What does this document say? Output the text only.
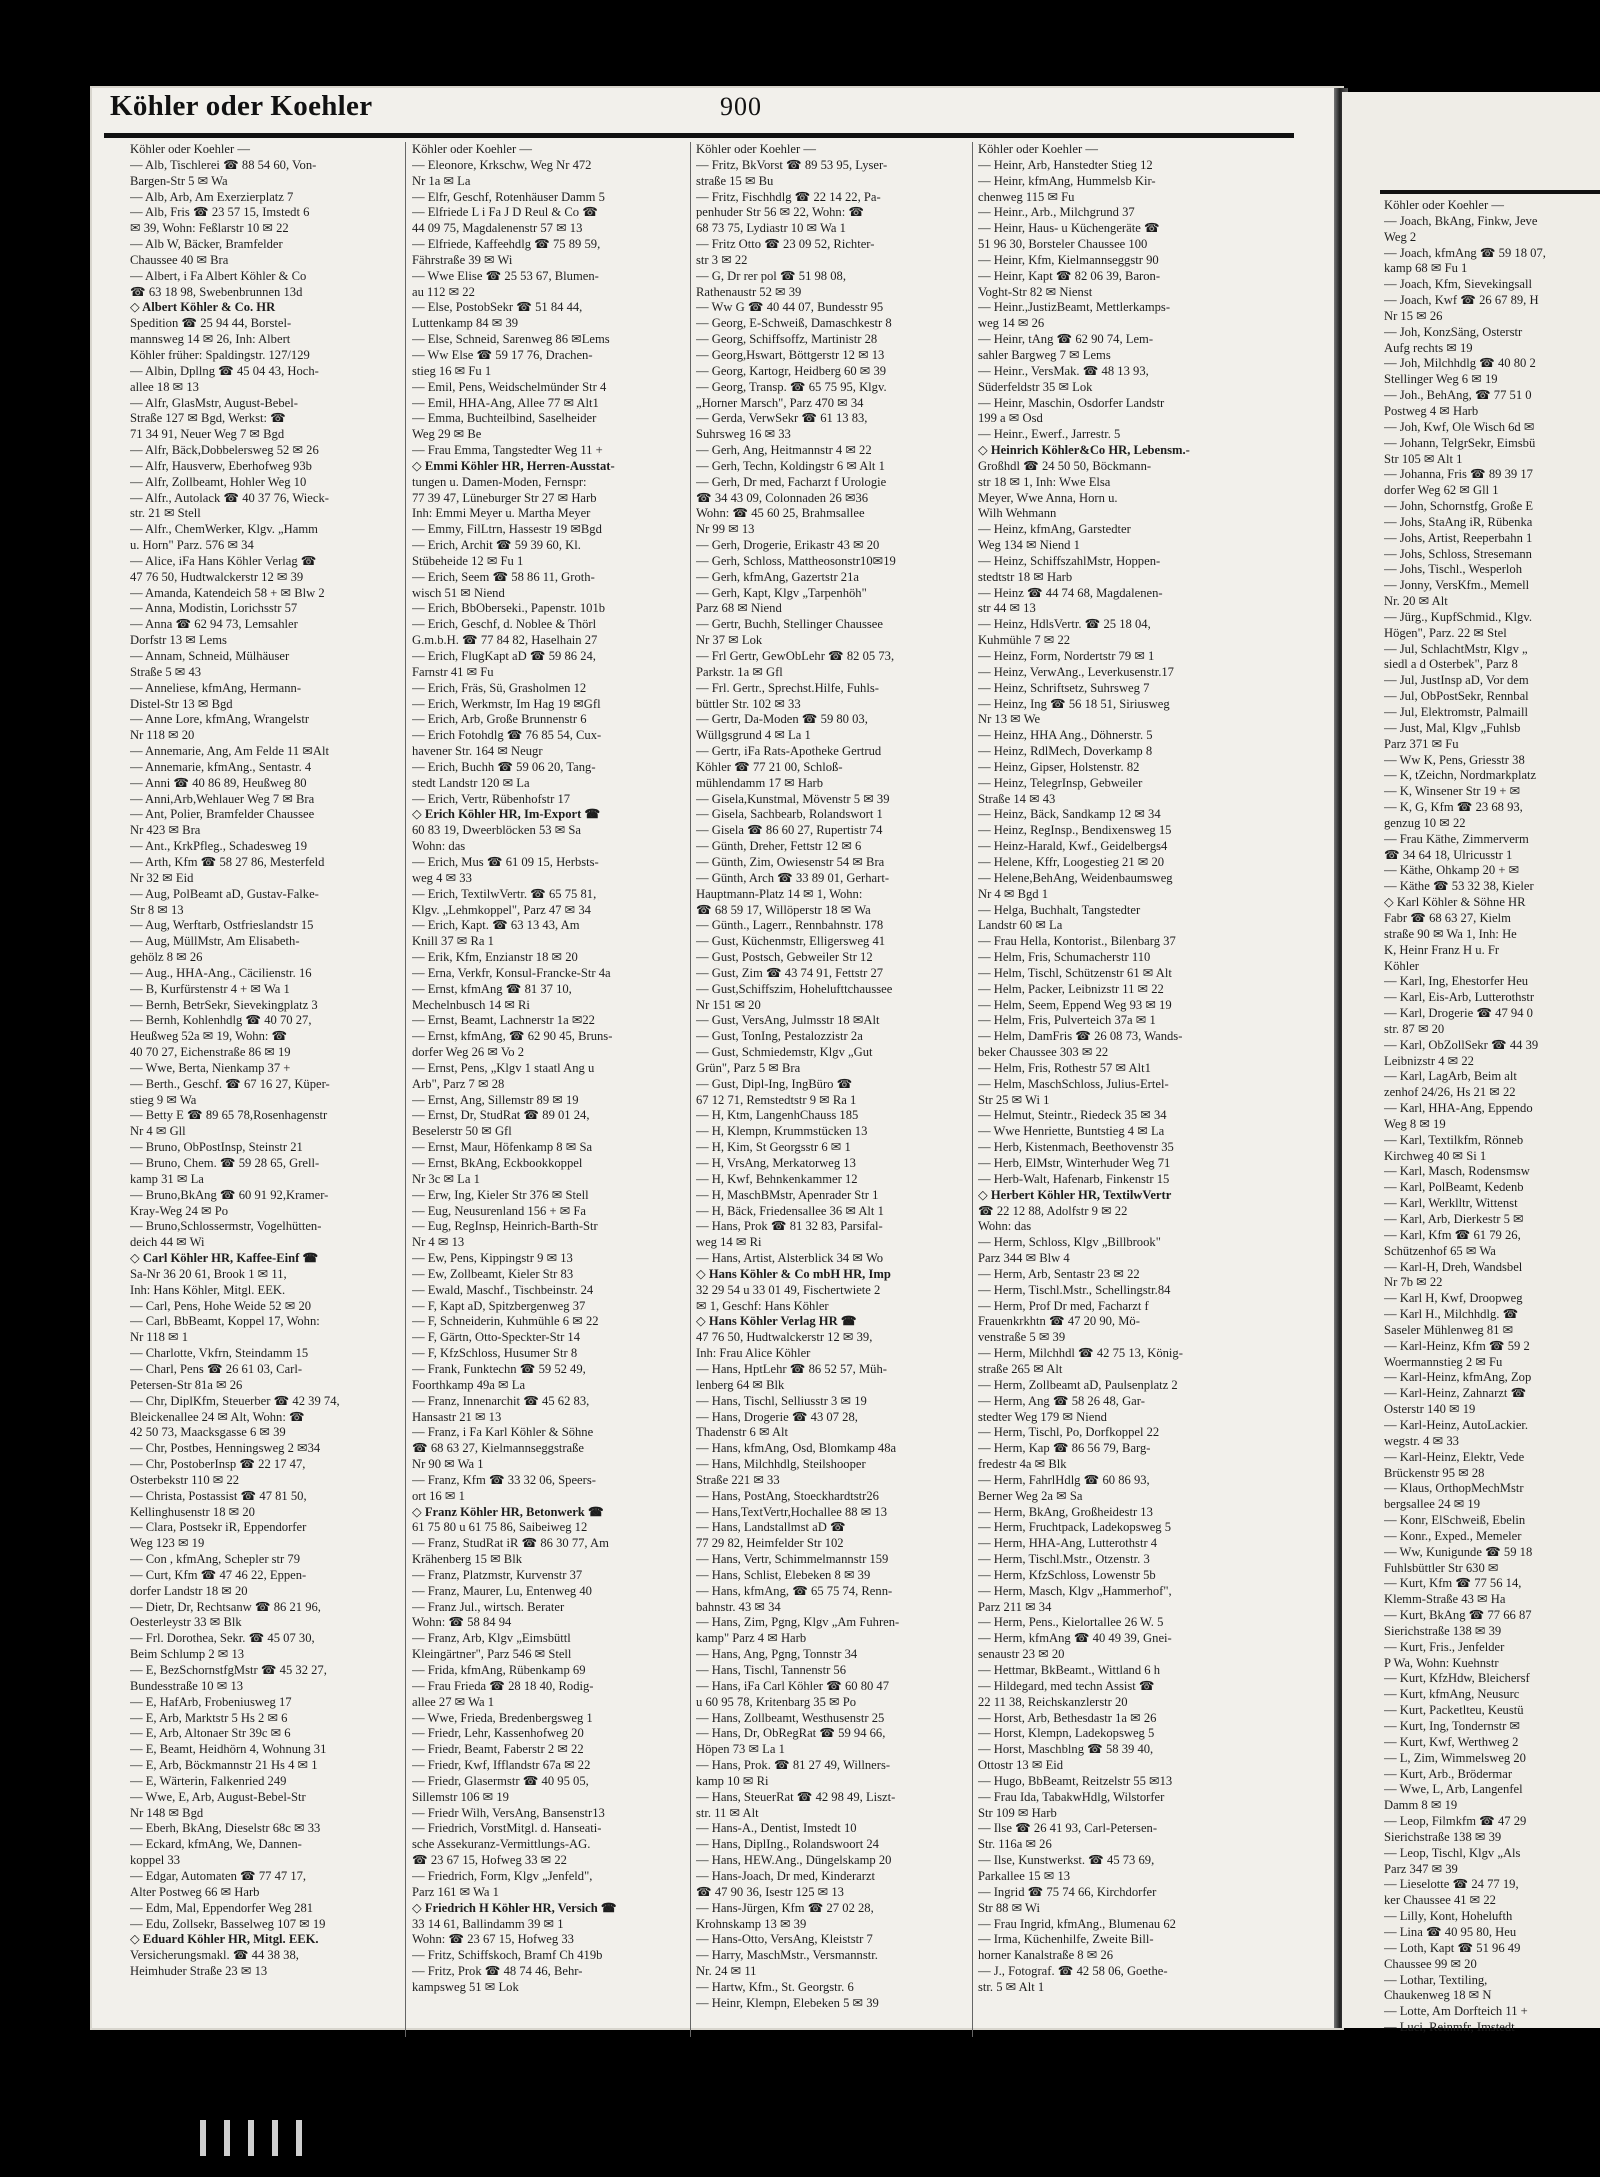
Köhler oder Koehler	900
Köhler oder Koehler —
— Alb, Tischlerei ☎ 88 54 60, Von-
Bargen-Str 5 ✉ Wa
— Alb, Arb, Am Exerzierplatz 7
— Alb, Fris ☎ 23 57 15, Imstedt 6
✉ 39, Wohn: Feßlarstr 10 ✉ 22
— Alb W, Bäcker, Bramfelder
Chaussee 40 ✉ Bra
— Albert, i Fa Albert Köhler & Co
☎ 63 18 98, Swebenbrunnen 13d
◇ Albert Köhler & Co. HR
Spedition ☎ 25 94 44, Borstel-
mannsweg 14 ✉ 26, Inh: Albert
Köhler früher: Spaldingstr. 127/129
— Albin, Dpllng ☎ 45 04 43, Hoch-
allee 18 ✉ 13
— Alfr, GlasMstr, August-Bebel-
Straße 127 ✉ Bgd, Werkst: ☎
71 34 91, Neuer Weg 7 ✉ Bgd
— Alfr, Bäck,Dobbelersweg 52 ✉ 26
— Alfr, Hausverw, Eberhofweg 93b
— Alfr, Zollbeamt, Hohler Weg 10
— Alfr., Autolack ☎ 40 37 76, Wieck-
str. 21 ✉ Stell
— Alfr., ChemWerker, Klgv. „Hamm
u. Horn" Parz. 576 ✉ 34
— Alice, iFa Hans Köhler Verlag ☎
47 76 50, Hudtwalckerstr 12 ✉ 39
— Amanda, Katendeich 58 + ✉ Blw 2
— Anna, Modistin, Lorichsstr 57
— Anna ☎ 62 94 73, Lemsahler
Dorfstr 13 ✉ Lems
— Annam, Schneid, Mülhäuser
Straße 5 ✉ 43
— Anneliese, kfmAng, Hermann-
Distel-Str 13 ✉ Bgd
— Anne Lore, kfmAng, Wrangelstr
Nr 118 ✉ 20
— Annemarie, Ang, Am Felde 11 ✉Alt
— Annemarie, kfmAng., Sentastr. 4
— Anni ☎ 40 86 89, Heußweg 80
— Anni,Arb,Wehlauer Weg 7 ✉ Bra
— Ant, Polier, Bramfelder Chaussee
Nr 423 ✉ Bra
— Ant., KrkPfleg., Schadesweg 19
— Arth, Kfm ☎ 58 27 86, Mesterfeld
Nr 32 ✉ Eid
— Aug, PolBeamt aD, Gustav-Falke-
Str 8 ✉ 13
— Aug, Werftarb, Ostfrieslandstr 15
— Aug, MüllMstr, Am Elisabeth-
gehölz 8 ✉ 26
— Aug., HHA-Ang., Cäcilienstr. 16
— B, Kurfürstenstr 4 + ✉ Wa 1
— Bernh, BetrSekr, Sievekingplatz 3
— Bernh, Kohlenhdlg ☎ 40 70 27,
Heußweg 52a ✉ 19, Wohn: ☎
40 70 27, Eichenstraße 86 ✉ 19
— Wwe, Berta, Nienkamp 37 +
— Berth., Geschf. ☎ 67 16 27, Küper-
stieg 9 ✉ Wa
— Betty E ☎ 89 65 78,Rosenhagenstr
Nr 4 ✉ Gll
— Bruno, ObPostInsp, Steinstr 21
— Bruno, Chem. ☎ 59 28 65, Grell-
kamp 31 ✉ La
— Bruno,BkAng ☎ 60 91 92,Kramer-
Kray-Weg 24 ✉ Po
— Bruno,Schlossermstr, Vogelhütten-
deich 44 ✉ Wi
◇ Carl Köhler HR, Kaffee-Einf ☎
Sa-Nr 36 20 61, Brook 1 ✉ 11,
Inh: Hans Köhler, Mitgl. EEK.
— Carl, Pens, Hohe Weide 52 ✉ 20
— Carl, BbBeamt, Koppel 17, Wohn:
Nr 118 ✉ 1
— Charlotte, Vkfrn, Steindamm 15
— Charl, Pens ☎ 26 61 03, Carl-
Petersen-Str 81a ✉ 26
— Chr, DiplKfm, Steuerber ☎ 42 39 74,
Bleickenallee 24 ✉ Alt, Wohn: ☎
42 50 73, Maacksgasse 6 ✉ 39
— Chr, Postbes, Henningsweg 2 ✉34
— Chr, PostoberInsp ☎ 22 17 47,
Osterbekstr 110 ✉ 22
— Christa, Postassist ☎ 47 81 50,
Kellinghusenstr 18 ✉ 20
— Clara, Postsekr iR, Eppendorfer
Weg 123 ✉ 19
— Con , kfmAng, Schepler str 79
— Curt, Kfm ☎ 47 46 22, Eppen-
dorfer Landstr 18 ✉ 20
— Dietr, Dr, Rechtsanw ☎ 86 21 96,
Oesterleystr 33 ✉ Blk
— Frl. Dorothea, Sekr. ☎ 45 07 30,
Beim Schlump 2 ✉ 13
— E, BezSchornstfgMstr ☎ 45 32 27,
Bundesstraße 10 ✉ 13
— E, HafArb, Frobeniusweg 17
— E, Arb, Marktstr 5 Hs 2 ✉ 6
— E, Arb, Altonaer Str 39c ✉ 6
— E, Beamt, Heidhörn 4, Wohnung 31
— E, Arb, Böckmannstr 21 Hs 4 ✉ 1
— E, Wärterin, Falkenried 249
— Wwe, E, Arb, August-Bebel-Str
Nr 148 ✉ Bgd
— Eberh, BkAng, Dieselstr 68c ✉ 33
— Eckard, kfmAng, We, Dannen-
koppel 33
— Edgar, Automaten ☎ 77 47 17,
Alter Postweg 66 ✉ Harb
— Edm, Mal, Eppendorfer Weg 281
— Edu, Zollsekr, Basselweg 107 ✉ 19
◇ Eduard Köhler HR, Mitgl. EEK.
Versicherungsmakl. ☎ 44 38 38,
Heimhuder Straße 23 ✉ 13
Köhler oder Koehler —
— Eleonore, Krkschw, Weg Nr 472
Nr 1a ✉ La
— Elfr, Geschf, Rotenhäuser Damm 5
— Elfriede L i Fa J D Reul & Co ☎
44 09 75, Magdalenenstr 57 ✉ 13
— Elfriede, Kaffeehdlg ☎ 75 89 59,
Fährstraße 39 ✉ Wi
— Wwe Elise ☎ 25 53 67, Blumen-
au 112 ✉ 22
— Else, PostobSekr ☎ 51 84 44,
Luttenkamp 84 ✉ 39
— Else, Schneid, Sarenweg 86 ✉Lems
— Ww Else ☎ 59 17 76, Drachen-
stieg 16 ✉ Fu 1
— Emil, Pens, Weidschelmünder Str 4
— Emil, HHA-Ang, Allee 77 ✉ Alt1
— Emma, Buchteilbind, Saselheider
Weg 29 ✉ Be
— Frau Emma, Tangstedter Weg 11 +
◇ Emmi Köhler HR, Herren-Ausstat-
tungen u. Damen-Moden, Fernspr:
77 39 47, Lüneburger Str 27 ✉ Harb
Inh: Emmi Meyer u. Martha Meyer
— Emmy, FilLtrn, Hassestr 19 ✉Bgd
— Erich, Archit ☎ 59 39 60, Kl.
Stübeheide 12 ✉ Fu 1
— Erich, Seem ☎ 58 86 11, Groth-
wisch 51 ✉ Niend
— Erich, BbOberseki., Papenstr. 101b
— Erich, Geschf, d. Noblee & Thörl
G.m.b.H. ☎ 77 84 82, Haselhain 27
— Erich, FlugKapt aD ☎ 59 86 24,
Farnstr 41 ✉ Fu
— Erich, Fräs, Sü, Grasholmen 12
— Erich, Werkmstr, Im Hag 19 ✉Gfl
— Erich, Arb, Große Brunnenstr 6
— Erich Fotohdlg ☎ 76 85 54, Cux-
havener Str. 164 ✉ Neugr
— Erich, Buchh ☎ 59 06 20, Tang-
stedt Landstr 120 ✉ La
— Erich, Vertr, Rübenhofstr 17
◇ Erich Köhler HR, Im-Export ☎
60 83 19, Dweerblöcken 53 ✉ Sa
Wohn: das
— Erich, Mus ☎ 61 09 15, Herbsts-
weg 4 ✉ 33
— Erich, TextilwVertr. ☎ 65 75 81,
Klgv. „Lehmkoppel", Parz 47 ✉ 34
— Erich, Kapt. ☎ 63 13 43, Am
Knill 37 ✉ Ra 1
— Erik, Kfm, Enzianstr 18 ✉ 20
— Erna, Verkfr, Konsul-Francke-Str 4a
— Ernst, kfmAng ☎ 81 37 10,
Mechelnbusch 14 ✉ Ri
— Ernst, Beamt, Lachnerstr 1a ✉22
— Ernst, kfmAng, ☎ 62 90 45, Bruns-
dorfer Weg 26 ✉ Vo 2
— Ernst, Pens, „Klgv 1 staatl Ang u
Arb", Parz 7 ✉ 28
— Ernst, Ang, Sillemstr 89 ✉ 19
— Ernst, Dr, StudRat ☎ 89 01 24,
Beselerstr 50 ✉ Gfl
— Ernst, Maur, Höfenkamp 8 ✉ Sa
— Ernst, BkAng, Eckbookkoppel
Nr 3c ✉ La 1
— Erw, Ing, Kieler Str 376 ✉ Stell
— Eug, Neusurenland 156 + ✉ Fa
— Eug, RegInsp, Heinrich-Barth-Str
Nr 4 ✉ 13
— Ew, Pens, Kippingstr 9 ✉ 13
— Ew, Zollbeamt, Kieler Str 83
— Ewald, Maschf., Tischbeinstr. 24
— F, Kapt aD, Spitzbergenweg 37
— F, Schneiderin, Kuhmühle 6 ✉ 22
— F, Gärtn, Otto-Speckter-Str 14
— F, KfzSchloss, Husumer Str 8
— Frank, Funktechn ☎ 59 52 49,
Foorthkamp 49a ✉ La
— Franz, Innenarchit ☎ 45 62 83,
Hansastr 21 ✉ 13
— Franz, i Fa Karl Köhler & Söhne
☎ 68 63 27, Kielmannseggstraße
Nr 90 ✉ Wa 1
— Franz, Kfm ☎ 33 32 06, Speers-
ort 16 ✉ 1
◇ Franz Köhler HR, Betonwerk ☎
61 75 80 u 61 75 86, Saibeiweg 12
— Franz, StudRat iR ☎ 86 30 77, Am
Krähenberg 15 ✉ Blk
— Franz, Platzmstr, Kurvenstr 37
— Franz, Maurer, Lu, Entenweg 40
— Franz Jul., wirtsch. Berater
Wohn: ☎ 58 84 94
— Franz, Arb, Klgv „Eimsbüttl
Kleingärtner", Parz 546 ✉ Stell
— Frida, kfmAng, Rübenkamp 69
— Frau Frieda ☎ 28 18 40, Rodig-
allee 27 ✉ Wa 1
— Wwe, Frieda, Bredenbergsweg 1
— Friedr, Lehr, Kassenhofweg 20
— Friedr, Beamt, Faberstr 2 ✉ 22
— Friedr, Kwf, Ifflandstr 67a ✉ 22
— Friedr, Glasermstr ☎ 40 95 05,
Sillemstr 106 ✉ 19
— Friedr Wilh, VersAng, Bansenstr13
— Friedrich, VorstMitgl. d. Hanseati-
sche Assekuranz-Vermittlungs-AG.
☎ 23 67 15, Hofweg 33 ✉ 22
— Friedrich, Form, Klgv „Jenfeld",
Parz 161 ✉ Wa 1
◇ Friedrich H Köhler HR, Versich ☎
33 14 61, Ballindamm 39 ✉ 1
Wohn: ☎ 23 67 15, Hofweg 33
— Fritz, Schiffskoch, Bramf Ch 419b
— Fritz, Prok ☎ 48 74 46, Behr-
kampsweg 51 ✉ Lok
Köhler oder Koehler —
— Fritz, BkVorst ☎ 89 53 95, Lyser-
straße 15 ✉ Bu
— Fritz, Fischhdlg ☎ 22 14 22, Pa-
penhuder Str 56 ✉ 22, Wohn: ☎
68 73 75, Lydiastr 10 ✉ Wa 1
— Fritz Otto ☎ 23 09 52, Richter-
str 3 ✉ 22
— G, Dr rer pol ☎ 51 98 08,
Rathenaustr 52 ✉ 39
— Ww G ☎ 40 44 07, Bundesstr 95
— Georg, E-Schweiß, Damaschkestr 8
— Georg, Schiffsoffz, Martinistr 28
— Georg,Hswart, Böttgerstr 12 ✉ 13
— Georg, Kartogr, Heidberg 60 ✉ 39
— Georg, Transp. ☎ 65 75 95, Klgv.
„Horner Marsch", Parz 470 ✉ 34
— Gerda, VerwSekr ☎ 61 13 83,
Suhrsweg 16 ✉ 33
— Gerh, Ang, Heitmannstr 4 ✉ 22
— Gerh, Techn, Koldingstr 6 ✉ Alt 1
— Gerh, Dr med, Facharzt f Urologie
☎ 34 43 09, Colonnaden 26 ✉36
Wohn: ☎ 45 60 25, Brahmsallee
Nr 99 ✉ 13
— Gerh, Drogerie, Erikastr 43 ✉ 20
— Gerh, Schloss, Mattheosonstr10✉19
— Gerh, kfmAng, Gazertstr 21a
— Gerh, Kapt, Klgv „Tarpenhöh"
Parz 68 ✉ Niend
— Gertr, Buchh, Stellinger Chaussee
Nr 37 ✉ Lok
— Frl Gertr, GewObLehr ☎ 82 05 73,
Parkstr. 1a ✉ Gfl
— Frl. Gertr., Sprechst.Hilfe, Fuhls-
büttler Str. 102 ✉ 33
— Gertr, Da-Moden ☎ 59 80 03,
Wüllgsgrund 4 ✉ La 1
— Gertr, iFa Rats-Apotheke Gertrud
Köhler ☎ 77 21 00, Schloß-
mühlendamm 17 ✉ Harb
— Gisela,Kunstmal, Mövenstr 5 ✉ 39
— Gisela, Sachbearb, Rolandswort 1
— Gisela ☎ 86 60 27, Rupertistr 74
— Günth, Dreher, Fettstr 12 ✉ 6
— Günth, Zim, Owiesenstr 54 ✉ Bra
— Günth, Arch ☎ 33 89 01, Gerhart-
Hauptmann-Platz 14 ✉ 1, Wohn:
☎ 68 59 17, Willöperstr 18 ✉ Wa
— Günth., Lagerr., Rennbahnstr. 178
— Gust, Küchenmstr, Elligersweg 41
— Gust, Postsch, Gebweiler Str 12
— Gust, Zim ☎ 43 74 91, Fettstr 27
— Gust,Schiffszim, Hohelufttchaussee
Nr 151 ✉ 20
— Gust, VersAng, Julmsstr 18 ✉Alt
— Gust, TonIng, Pestalozzistr 2a
— Gust, Schmiedemstr, Klgv „Gut
Grün", Parz 5 ✉ Bra
— Gust, Dipl-Ing, IngBüro ☎
67 12 71, Remstedtstr 9 ✉ Ra 1
— H, Ktm, LangenhChauss 185
— H, Klempn, Krummstücken 13
— H, Kim, St Georgsstr 6 ✉ 1
— H, VrsAng, Merkatorweg 13
— H, Kwf, Behnkenkammer 12
— H, MaschBMstr, Apenrader Str 1
— H, Bäck, Friedensallee 36 ✉ Alt 1
— Hans, Prok ☎ 81 32 83, Parsifal-
weg 14 ✉ Ri
— Hans, Artist, Alsterblick 34 ✉ Wo
◇ Hans Köhler & Co mbH HR, Imp
32 29 54 u 33 01 49, Fischertwiete 2
✉ 1, Geschf: Hans Köhler
◇ Hans Köhler Verlag HR ☎
47 76 50, Hudtwalckerstr 12 ✉ 39,
Inh: Frau Alice Köhler
— Hans, HptLehr ☎ 86 52 57, Müh-
lenberg 64 ✉ Blk
— Hans, Tischl, Selliusstr 3 ✉ 19
— Hans, Drogerie ☎ 43 07 28,
Thadenstr 6 ✉ Alt
— Hans, kfmAng, Osd, Blomkamp 48a
— Hans, Milchhdlg, Steilshooper
Straße 221 ✉ 33
— Hans, PostAng, Stoeckhardtstr26
— Hans,TextVertr,Hochallee 88 ✉ 13
— Hans, Landstallmst aD ☎
77 29 82, Heimfelder Str 102
— Hans, Vertr, Schimmelmannstr 159
— Hans, Schlist, Elebeken 8 ✉ 39
— Hans, kfmAng, ☎ 65 75 74, Renn-
bahnstr. 43 ✉ 34
— Hans, Zim, Pgng, Klgv „Am Fuhren-
kamp" Parz 4 ✉ Harb
— Hans, Ang, Pgng, Tonnstr 34
— Hans, Tischl, Tannenstr 56
— Hans, iFa Carl Köhler ☎ 60 80 47
u 60 95 78, Kritenbarg 35 ✉ Po
— Hans, Zollbeamt, Westhusenstr 25
— Hans, Dr, ObRegRat ☎ 59 94 66,
Höpen 73 ✉ La 1
— Hans, Prok. ☎ 81 27 49, Willners-
kamp 10 ✉ Ri
— Hans, SteuerRat ☎ 42 98 49, Liszt-
str. 11 ✉ Alt
— Hans-A., Dentist, Imstedt 10
— Hans, DiplIng., Rolandswoort 24
— Hans, HEW.Ang., Düngelskamp 20
— Hans-Joach, Dr med, Kinderarzt
☎ 47 90 36, Isestr 125 ✉ 13
— Hans-Jürgen, Kfm ☎ 27 02 28,
Krohnskamp 13 ✉ 39
— Hans-Otto, VersAng, Kleiststr 7
— Harry, MaschMstr., Versmannstr.
Nr. 24 ✉ 11
— Hartw, Kfm., St. Georgstr. 6
— Heinr, Klempn, Elebeken 5 ✉ 39
Köhler oder Koehler —
— Heinr, Arb, Hanstedter Stieg 12
— Heinr, kfmAng, Hummelsb Kir-
chenweg 115 ✉ Fu
— Heinr., Arb., Milchgrund 37
— Heinr, Haus- u Küchengeräte ☎
51 96 30, Borsteler Chaussee 100
— Heinr, Kfm, Kielmannseggstr 90
— Heinr, Kapt ☎ 82 06 39, Baron-
Voght-Str 82 ✉ Nienst
— Heinr.,JustizBeamt, Mettlerkamps-
weg 14 ✉ 26
— Heinr, tAng ☎ 62 90 74, Lem-
sahler Bargweg 7 ✉ Lems
— Heinr., VersMak. ☎ 48 13 93,
Süderfeldstr 35 ✉ Lok
— Heinr, Maschin, Osdorfer Landstr
199 a ✉ Osd
— Heinr., Ewerf., Jarrestr. 5
◇ Heinrich Köhler&Co HR, Lebensm.-
Großhdl ☎ 24 50 50, Böckmann-
str 18 ✉ 1, Inh: Wwe Elsa
Meyer, Wwe Anna, Horn u.
Wilh Wehmann
— Heinz, kfmAng, Garstedter
Weg 134 ✉ Niend 1
— Heinz, SchiffszahlMstr, Hoppen-
stedtstr 18 ✉ Harb
— Heinz ☎ 44 74 68, Magdalenen-
str 44 ✉ 13
— Heinz, HdlsVertr. ☎ 25 18 04,
Kuhmühle 7 ✉ 22
— Heinz, Form, Nordertstr 79 ✉ 1
— Heinz, VerwAng., Leverkusenstr.17
— Heinz, Schriftsetz, Suhrsweg 7
— Heinz, Ing ☎ 56 18 51, Siriusweg
Nr 13 ✉ We
— Heinz, HHA Ang., Döhnerstr. 5
— Heinz, RdlMech, Doverkamp 8
— Heinz, Gipser, Holstenstr. 82
— Heinz, TelegrInsp, Gebweiler
Straße 14 ✉ 43
— Heinz, Bäck, Sandkamp 12 ✉ 34
— Heinz, RegInsp., Bendixensweg 15
— Heinz-Harald, Kwf., Geidelbergs4
— Helene, Kffr, Loogestieg 21 ✉ 20
— Helene,BehAng, Weidenbaumsweg
Nr 4 ✉ Bgd 1
— Helga, Buchhalt, Tangstedter
Landstr 60 ✉ La
— Frau Hella, Kontorist., Bilenbarg 37
— Helm, Fris, Schumacherstr 110
— Helm, Tischl, Schützenstr 61 ✉ Alt
— Helm, Packer, Leibnizstr 11 ✉ 22
— Helm, Seem, Eppend Weg 93 ✉ 19
— Helm, Fris, Pulverteich 37a ✉ 1
— Helm, DamFris ☎ 26 08 73, Wands-
beker Chaussee 303 ✉ 22
— Helm, Fris, Rothestr 57 ✉ Alt1
— Helm, MaschSchloss, Julius-Ertel-
Str 25 ✉ Wi 1
— Helmut, Steintr., Riedeck 35 ✉ 34
— Wwe Henriette, Buntstieg 4 ✉ La
— Herb, Kistenmach, Beethovenstr 35
— Herb, ElMstr, Winterhuder Weg 71
— Herb-Walt, Hafenarb, Finkenstr 15
◇ Herbert Köhler HR, TextilwVertr
☎ 22 12 88, Adolfstr 9 ✉ 22
Wohn: das
— Herm, Schloss, Klgv „Billbrook"
Parz 344 ✉ Blw 4
— Herm, Arb, Sentastr 23 ✉ 22
— Herm, Tischl.Mstr., Schellingstr.84
— Herm, Prof Dr med, Facharzt f
Frauenkrkhtn ☎ 47 20 90, Mö-
venstraße 5 ✉ 39
— Herm, Milchhdl ☎ 42 75 13, König-
straße 265 ✉ Alt
— Herm, Zollbeamt aD, Paulsenplatz 2
— Herm, Ang ☎ 58 26 48, Gar-
stedter Weg 179 ✉ Niend
— Herm, Tischl, Po, Dorfkoppel 22
— Herm, Kap ☎ 86 56 79, Barg-
fredestr 4a ✉ Blk
— Herm, FahrlHdlg ☎ 60 86 93,
Berner Weg 2a ✉ Sa
— Herm, BkAng, Großheidestr 13
— Herm, Fruchtpack, Ladekopsweg 5
— Herm, HHA-Ang, Lutterothstr 4
— Herm, Tischl.Mstr., Otzenstr. 3
— Herm, KfzSchloss, Lowenstr 5b
— Herm, Masch, Klgv „Hammerhof",
Parz 211 ✉ 34
— Herm, Pens., Kielortallee 26 W. 5
— Herm, kfmAng ☎ 40 49 39, Gnei-
senaustr 23 ✉ 20
— Hettmar, BkBeamt., Wittland 6 h
— Hildegard, med techn Assist ☎
22 11 38, Reichskanzlerstr 20
— Horst, Arb, Bethesdastr 1a ✉ 26
— Horst, Klempn, Ladekopsweg 5
— Horst, Maschblng ☎ 58 39 40,
Ottostr 13 ✉ Eid
— Hugo, BbBeamt, Reitzelstr 55 ✉13
— Frau Ida, TabakwHdlg, Wilstorfer
Str 109 ✉ Harb
— Ilse ☎ 26 41 93, Carl-Petersen-
Str. 116a ✉ 26
— Ilse, Kunstwerkst. ☎ 45 73 69,
Parkallee 15 ✉ 13
— Ingrid ☎ 75 74 66, Kirchdorfer
Str 88 ✉ Wi
— Frau Ingrid, kfmAng., Blumenau 62
— Irma, Küchenhilfe, Zweite Bill-
horner Kanalstraße 8 ✉ 26
— J., Fotograf. ☎ 42 58 06, Goethe-
str. 5 ✉ Alt 1
Köhler oder Koehler —
— Joach, BkAng, Finkw, Jeve
Weg 2
— Joach, kfmAng ☎ 59 18 07,
kamp 68 ✉ Fu 1
— Joach, Kfm, Sievekingsall
— Joach, Kwf ☎ 26 67 89, H
Nr 15 ✉ 26
— Joh, KonzSäng, Osterstr
Aufg rechts ✉ 19
— Joh, Milchhdlg ☎ 40 80 2
Stellinger Weg 6 ✉ 19
— Joh., BehAng, ☎ 77 51 0
Postweg 4 ✉ Harb
— Joh, Kwf, Ole Wisch 6d ✉
— Johann, TelgrSekr, Eimsbü
Str 105 ✉ Alt 1
— Johanna, Fris ☎ 89 39 17
dorfer Weg 62 ✉ Gll 1
— John, Schornstfg, Große E
— Johs, StaAng iR, Rübenka
— Johs, Artist, Reeperbahn 1
— Johs, Schloss, Stresemann
— Johs, Tischl., Wesperloh
— Jonny, VersKfm., Memell
Nr. 20 ✉ Alt
— Jürg., KupfSchmid., Klgv.
Högen", Parz. 22 ✉ Stel
— Jul, SchlachtMstr, Klgv „
siedl a d Osterbek", Parz 8
— Jul, JustInsp aD, Vor dem
— Jul, ObPostSekr, Rennbal
— Jul, Elektromstr, Palmaill
— Just, Mal, Klgv „Fuhlsb
Parz 371 ✉ Fu
— Ww K, Pens, Griesstr 38
— K, tZeichn, Nordmarkplatz
— K, Winsener Str 19 + ✉
— K, G, Kfm ☎ 23 68 93,
genzug 10 ✉ 22
— Frau Käthe, Zimmerverm
☎ 34 64 18, Ulricusstr 1
— Käthe, Ohkamp 20 + ✉
— Käthe ☎ 53 32 38, Kieler
◇ Karl Köhler & Söhne HR
Fabr ☎ 68 63 27, Kielm
straße 90 ✉ Wa 1, Inh: He
K, Heinr Franz H u. Fr
Köhler
— Karl, Ing, Ehestorfer Heu
— Karl, Eis-Arb, Lutterothstr
— Karl, Drogerie ☎ 47 94 0
str. 87 ✉ 20
— Karl, ObZollSekr ☎ 44 39
Leibnizstr 4 ✉ 22
— Karl, LagArb, Beim alt
zenhof 24/26, Hs 21 ✉ 22
— Karl, HHA-Ang, Eppendo
Weg 8 ✉ 19
— Karl, Textilkfm, Rönneb
Kirchweg 40 ✉ Si 1
— Karl, Masch, Rodensmsw
— Karl, PolBeamt, Kedenb
— Karl, Werklltr, Wittenst
— Karl, Arb, Dierkestr 5 ✉
— Karl, Kfm ☎ 61 79 26,
Schützenhof 65 ✉ Wa
— Karl-H, Dreh, Wandsbel
Nr 7b ✉ 22
— Karl H, Kwf, Droopweg
— Karl H., Milchhdlg. ☎
Saseler Mühlenweg 81 ✉
— Karl-Heinz, Kfm ☎ 59 2
Woermannstieg 2 ✉ Fu
— Karl-Heinz, kfmAng, Zop
— Karl-Heinz, Zahnarzt ☎
Osterstr 140 ✉ 19
— Karl-Heinz, AutoLackier.
wegstr. 4 ✉ 33
— Karl-Heinz, Elektr, Vede
Brückenstr 95 ✉ 28
— Klaus, OrthopMechMstr
bergsallee 24 ✉ 19
— Konr, ElSchweiß, Ebelin
— Konr., Exped., Memeler
— Ww, Kunigunde ☎ 59 18
Fuhlsbüttler Str 630 ✉
— Kurt, Kfm ☎ 77 56 14,
Klemm-Straße 43 ✉ Ha
— Kurt, BkAng ☎ 77 66 87
Sierichstraße 138 ✉ 39
— Kurt, Fris., Jenfelder
P Wa, Wohn: Kuehnstr
— Kurt, KfzHdw, Bleichersf
— Kurt, kfmAng, Neusurc
— Kurt, Packetlteu, Keustü
— Kurt, Ing, Tondernstr ✉
— Kurt, Kwf, Werthweg 2
— L, Zim, Wimmelsweg 20
— Kurt, Arb., Brödermar
— Wwe, L, Arb, Langenfel
Damm 8 ✉ 19
— Leop, Filmkfm ☎ 47 29
Sierichstraße 138 ✉ 39
— Leop, Tischl, Klgv „Als
Parz 347 ✉ 39
— Lieselotte ☎ 24 77 19,
ker Chaussee 41 ✉ 22
— Lilly, Kont, Hohelufth
— Lina ☎ 40 95 80, Heu
— Loth, Kapt ☎ 51 96 49
Chaussee 99 ✉ 20
— Lothar, Textiling,
Chaukenweg 18 ✉ N
— Lotte, Am Dorfteich 11 +
— Luci, Reinmfr, Imstedt
